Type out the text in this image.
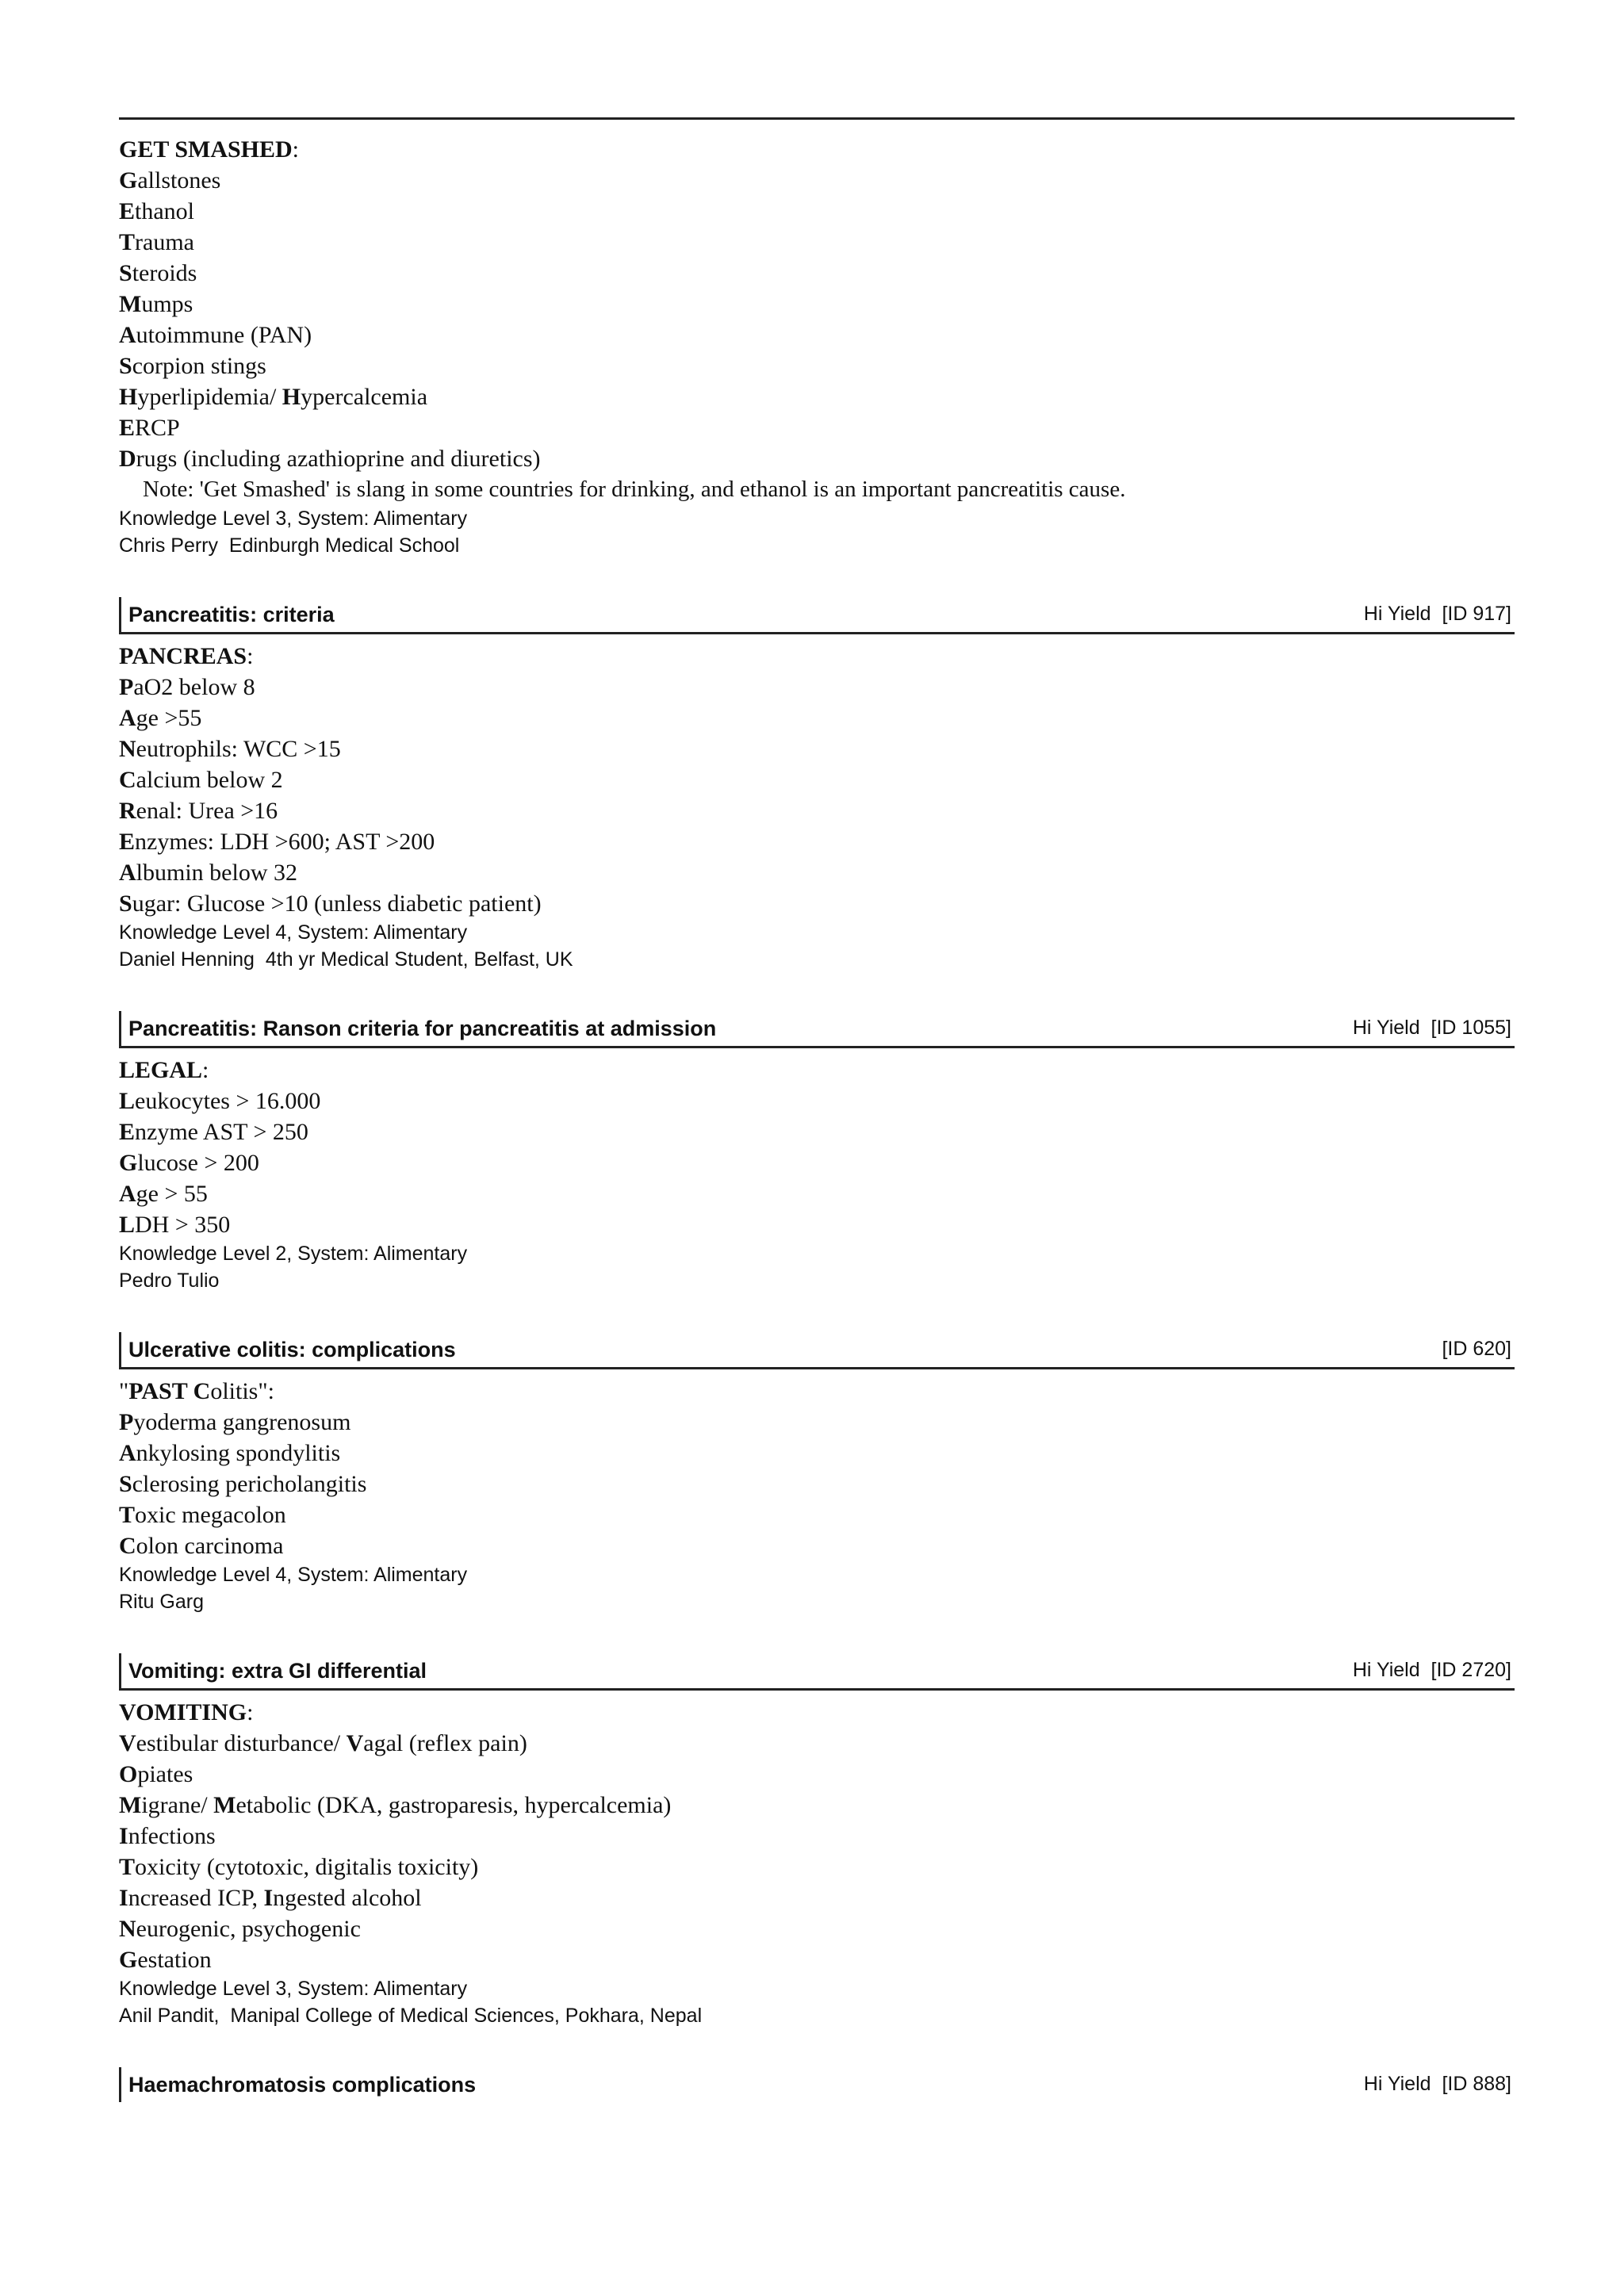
GET SMASHED:
Gallstones
Ethanol
Trauma
Steroids
Mumps
Autoimmune (PAN)
Scorpion stings
Hyperlipidemia/ Hypercalcemia
ERCP
Drugs (including azathioprine and diuretics)
Note: 'Get Smashed' is slang in some countries for drinking, and ethanol is an important pancreatitis cause.
Knowledge Level 3, System: Alimentary
Chris Perry  Edinburgh Medical School
Pancreatitis: criteria	Hi Yield  [ID 917]
PANCREAS:
PaO2 below 8
Age >55
Neutrophils: WCC >15
Calcium below 2
Renal: Urea >16
Enzymes: LDH >600; AST >200
Albumin below 32
Sugar: Glucose >10 (unless diabetic patient)
Knowledge Level 4, System: Alimentary
Daniel Henning  4th yr Medical Student, Belfast, UK
Pancreatitis: Ranson criteria for pancreatitis at admission	Hi Yield  [ID 1055]
LEGAL:
Leukocytes > 16.000
Enzyme AST > 250
Glucose > 200
Age > 55
LDH > 350
Knowledge Level 2, System: Alimentary
Pedro Tulio
Ulcerative colitis: complications	[ID 620]
"PAST Colitis":
Pyoderma gangrenosum
Ankylosing spondylitis
Sclerosing pericholangitis
Toxic megacolon
Colon carcinoma
Knowledge Level 4, System: Alimentary
Ritu Garg
Vomiting: extra GI differential	Hi Yield  [ID 2720]
VOMITING:
Vestibular disturbance/ Vagal (reflex pain)
Opiates
Migrane/ Metabolic (DKA, gastroparesis, hypercalcemia)
Infections
Toxicity (cytotoxic, digitalis toxicity)
Increased ICP, Ingested alcohol
Neurogenic, psychogenic
Gestation
Knowledge Level 3, System: Alimentary
Anil Pandit,  Manipal College of Medical Sciences, Pokhara, Nepal
Haemachromatosis complications	Hi Yield  [ID 888]
